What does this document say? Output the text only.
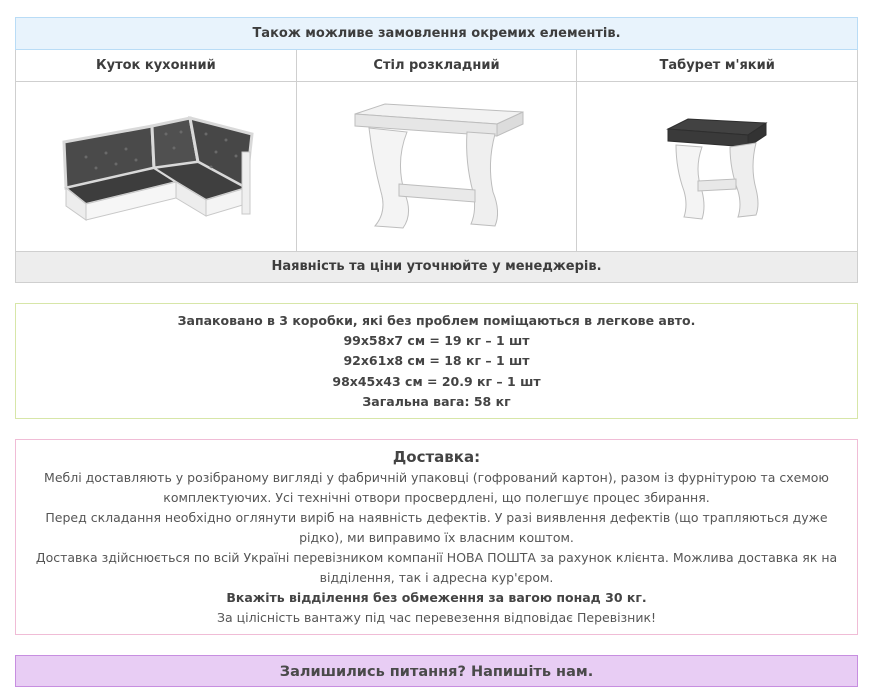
Також можливе замовлення окремих елементів.
Куток кухонний	Стіл розкладний	Табурет м'який
Наявність та ціни уточнюйте у менеджерів.
Запаковано в 3 коробки, які без проблем поміщаються в легкове авто.
99x58x7 см = 19 кг – 1 шт
92x61x8 см = 18 кг – 1 шт
98x45x43 см = 20.9 кг – 1 шт
Загальна вага: 58 кг
Доставка:
Меблі доставляють у розібраному вигляді у фабричній упаковці (гофрований картон), разом із фурнітурою та схемою комплектуючих. Усі технічні отвори просвердлені, що полегшує процес збирання.
Перед складання необхідно оглянути виріб на наявність дефектів. У разі виявлення дефектів (що трапляються дуже рідко), ми виправимо їх власним коштом.
Доставка здійснюється по всій Україні перевізником компанії НОВА ПОШТА за рахунок клієнта. Можлива доставка як на відділення, так і адресна кур'єром.
Вкажіть відділення без обмеження за вагою понад 30 кг.
За цілісність вантажу під час перевезення відповідає Перевізник!
Залишились питання? Напишіть нам.
